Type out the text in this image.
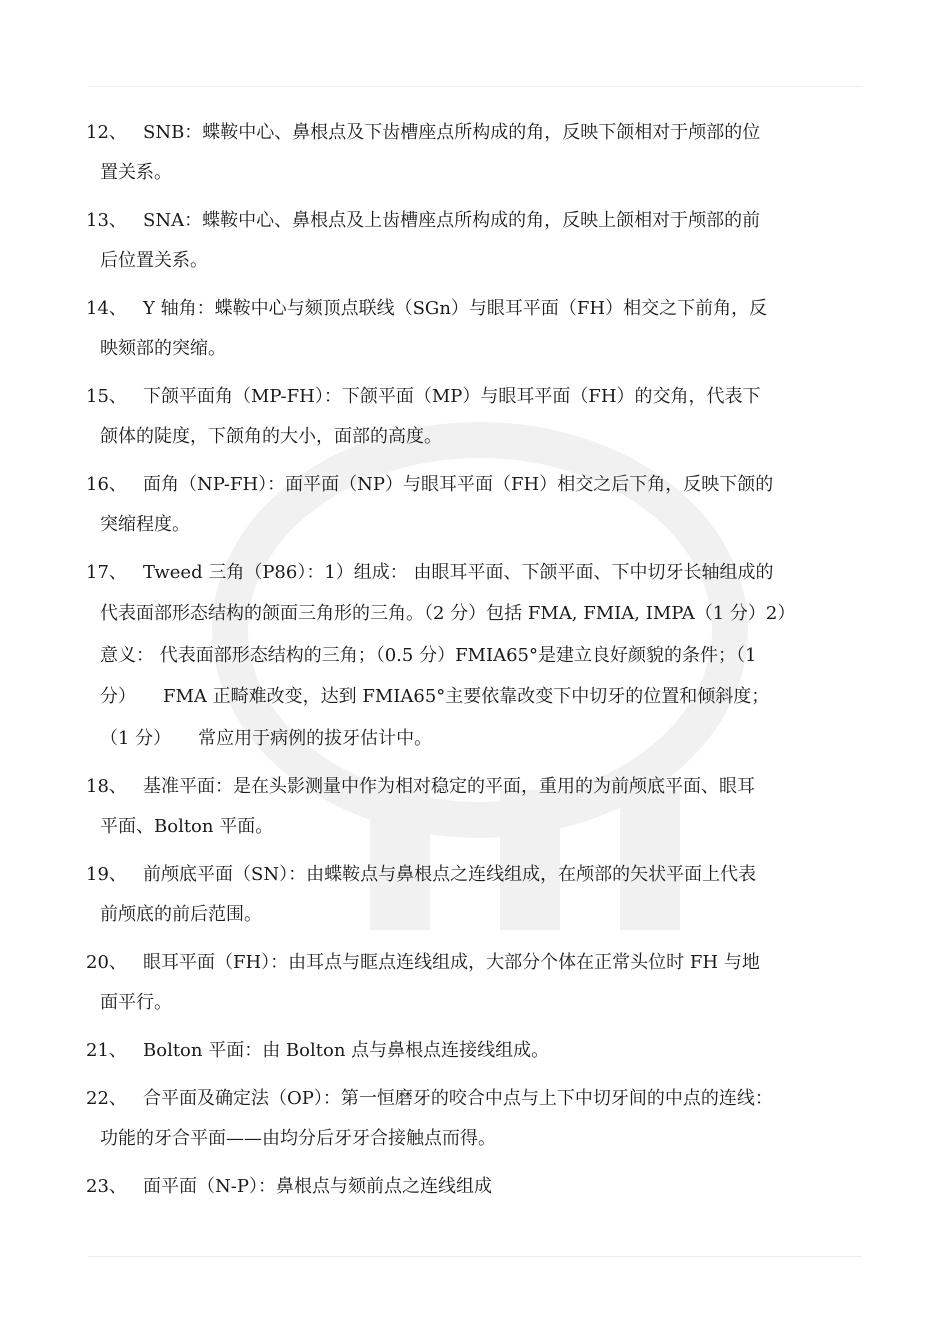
12、 SNB：蝶鞍中心、鼻根点及下齿槽座点所构成的角，反映下颌相对于颅部的位
置关系。
13、 SNA：蝶鞍中心、鼻根点及上齿槽座点所构成的角，反映上颌相对于颅部的前
后位置关系。
14、 Y 轴角：蝶鞍中心与颏顶点联线（SGn）与眼耳平面（FH）相交之下前角，反
映颏部的突缩。
15、 下颌平面角（MP-FH）：下颌平面（MP）与眼耳平面（FH）的交角，代表下
颌体的陡度，下颌角的大小，面部的高度。
16、 面角（NP-FH）：面平面（NP）与眼耳平面（FH）相交之后下角，反映下颌的
突缩程度。
17、 Tweed 三角（P86）：1）组成： 由眼耳平面、下颌平面、下中切牙长轴组成的
代表面部形态结构的颌面三角形的三角。（2 分）包括 FMA, FMIA, IMPA（1 分）2）
意义： 代表面部形态结构的三角；（0.5 分）FMIA65°是建立良好颜貌的条件；（1
分）　　FMA 正畸难改变，达到 FMIA65°主要依靠改变下中切牙的位置和倾斜度；
（1 分）　　常应用于病例的拔牙估计中。
18、 基准平面：是在头影测量中作为相对稳定的平面，重用的为前颅底平面、眼耳
平面、Bolton 平面。
19、 前颅底平面（SN）：由蝶鞍点与鼻根点之连线组成，在颅部的矢状平面上代表
前颅底的前后范围。
20、 眼耳平面（FH）：由耳点与眶点连线组成，大部分个体在正常头位时 FH 与地
面平行。
21、 Bolton 平面：由 Bolton 点与鼻根点连接线组成。
22、 合平面及确定法（OP）：第一恒磨牙的咬合中点与上下中切牙间的中点的连线：
功能的牙合平面——由均分后牙牙合接触点而得。
23、 面平面（N-P）：鼻根点与颏前点之连线组成
